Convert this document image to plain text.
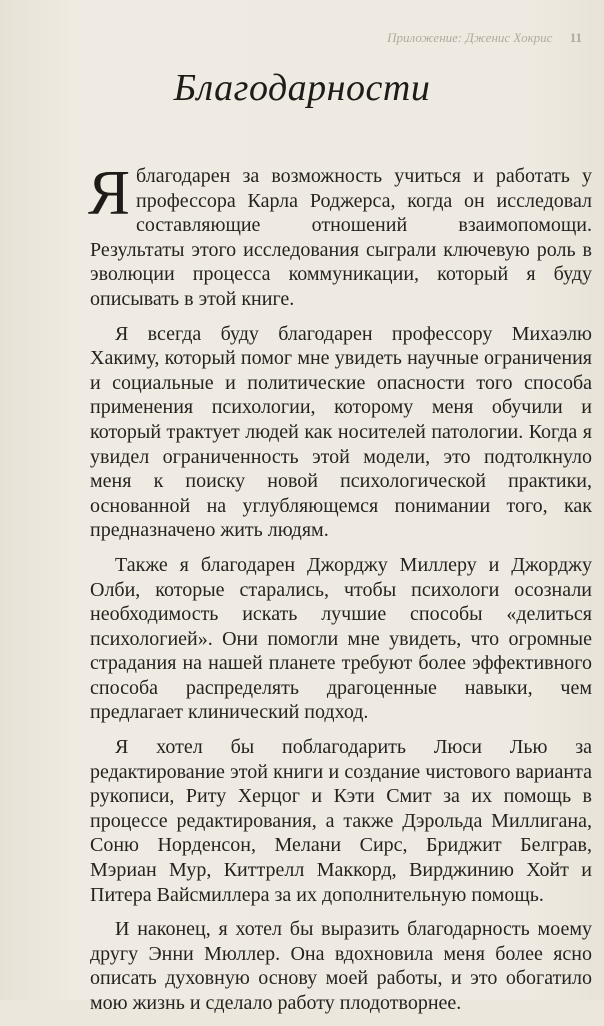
Приложение: Дженис Хокрис 11
Благодарности

Яблагодарен за возможность учиться и работать у профессора Карла Роджерса, когда он исследовал составляющие отношений взаимопомощи. Результаты этого исследования сыграли ключевую роль в эволюции процесса коммуникации, который я буду описывать в этой книге.

Я всегда буду благодарен профессору Михаэлю Хакиму, который помог мне увидеть научные ограничения и социальные и политические опасности того способа применения психологии, которому меня обучили и который трактует людей как носителей патологии. Когда я увидел ограниченность этой модели, это подтолкнуло меня к поиску новой психологической практики, основанной на углубляющемся понимании того, как предназначено жить людям.

Также я благодарен Джорджу Миллеру и Джорджу Олби, которые старались, чтобы психологи осознали необходимость искать лучшие способы «делиться психологией». Они помогли мне увидеть, что огромные страдания на нашей планете требуют более эффективного способа распределять драгоценные навыки, чем предлагает клинический подход.

Я хотел бы поблагодарить Люси Лью за редактирование этой книги и создание чистового варианта рукописи, Риту Херцог и Кэти Смит за их помощь в процессе редактирования, а также Дэрольда Миллигана, Соню Норденсон, Мелани Сирс, Бриджит Белграв, Мэриан Мур, Киттрелл Маккорд, Вирджинию Хойт и Питера Вайсмиллера за их дополнительную помощь.

И наконец, я хотел бы выразить благодарность моему другу Энни Мюллер. Она вдохновила меня более ясно описать духовную основу моей работы, и это обогатило мою жизнь и сделало работу плодотворнее.
